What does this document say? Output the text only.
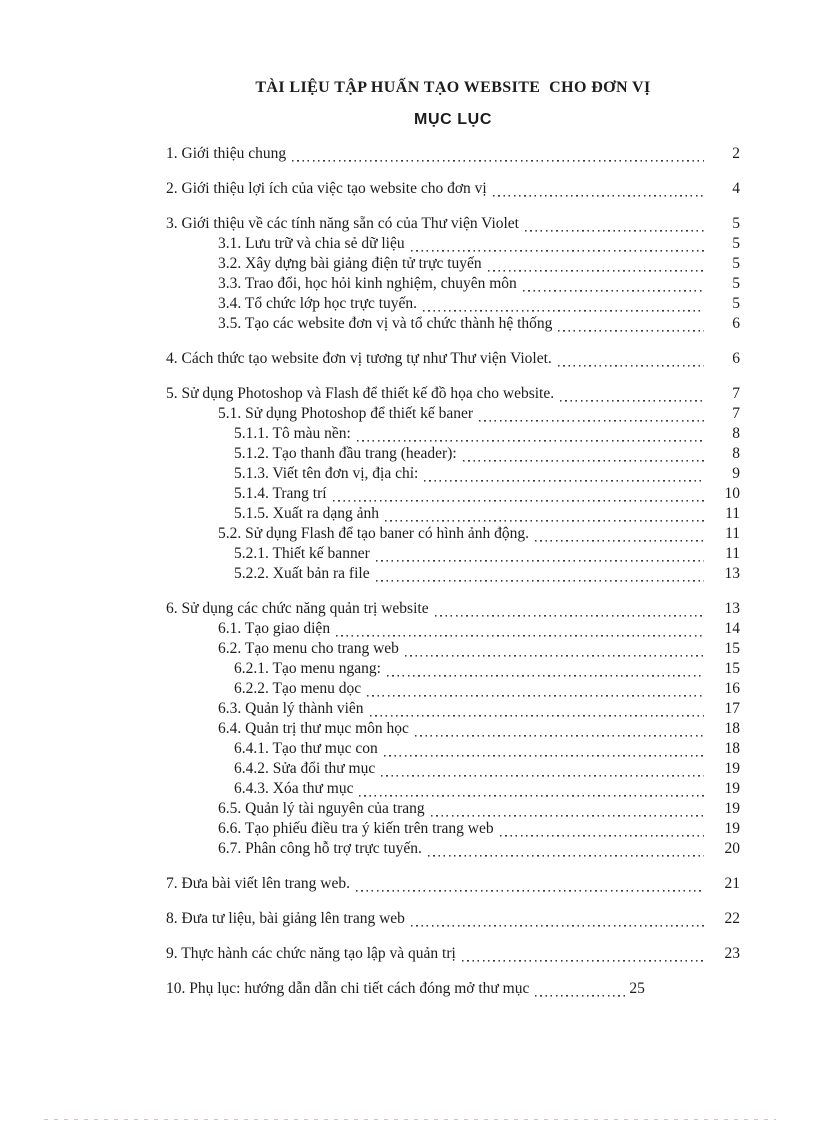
TÀI LIỆU TẬP HUẤN TẠO WEBSITE  CHO ĐƠN VỊ
MỤC LỤC
1. Giới thiệu chung	2
2. Giới thiệu lợi ích của việc tạo website cho đơn vị	4
3. Giới thiệu về các tính năng sẵn có của Thư viện Violet	5
3.1. Lưu trữ và chia sẻ dữ liệu	5
3.2. Xây dựng bài giảng điện tử trực tuyến	5
3.3. Trao đổi, học hỏi kinh nghiệm, chuyên môn	5
3.4. Tổ chức lớp học trực tuyến.	5
3.5. Tạo các website đơn vị và tổ chức thành hệ thống	6
4. Cách thức tạo website đơn vị tương tự như Thư viện Violet.	6
5. Sử dụng Photoshop và Flash để thiết kế đồ họa cho website.	7
5.1. Sử dụng Photoshop để thiết kế baner	7
5.1.1. Tô màu nền:	8
5.1.2. Tạo thanh đầu trang (header):	8
5.1.3. Viết tên đơn vị, địa chỉ:	9
5.1.4. Trang trí	10
5.1.5. Xuất ra dạng ảnh	11
5.2. Sử dụng Flash để tạo baner có hình ảnh động.	11
5.2.1. Thiết kế banner	11
5.2.2. Xuất bản ra file	13
6. Sử dụng các chức năng quản trị website	13
6.1. Tạo giao diện	14
6.2. Tạo menu cho trang web	15
6.2.1. Tạo menu ngang:	15
6.2.2. Tạo menu dọc	16
6.3. Quản lý thành viên	17
6.4. Quản trị thư mục môn học	18
6.4.1. Tạo thư mục con	18
6.4.2. Sửa đổi thư mục	19
6.4.3. Xóa thư mục	19
6.5. Quản lý tài nguyên của trang	19
6.6. Tạo phiếu điều tra ý kiến trên trang web	19
6.7. Phân công hỗ trợ trực tuyến.	20
7. Đưa bài viết lên trang web.	21
8. Đưa tư liệu, bài giảng lên trang web	22
9. Thực hành các chức năng tạo lập và quản trị	23
10. Phụ lục: hướng dẫn dẫn chi tiết cách đóng mở thư mục	25
